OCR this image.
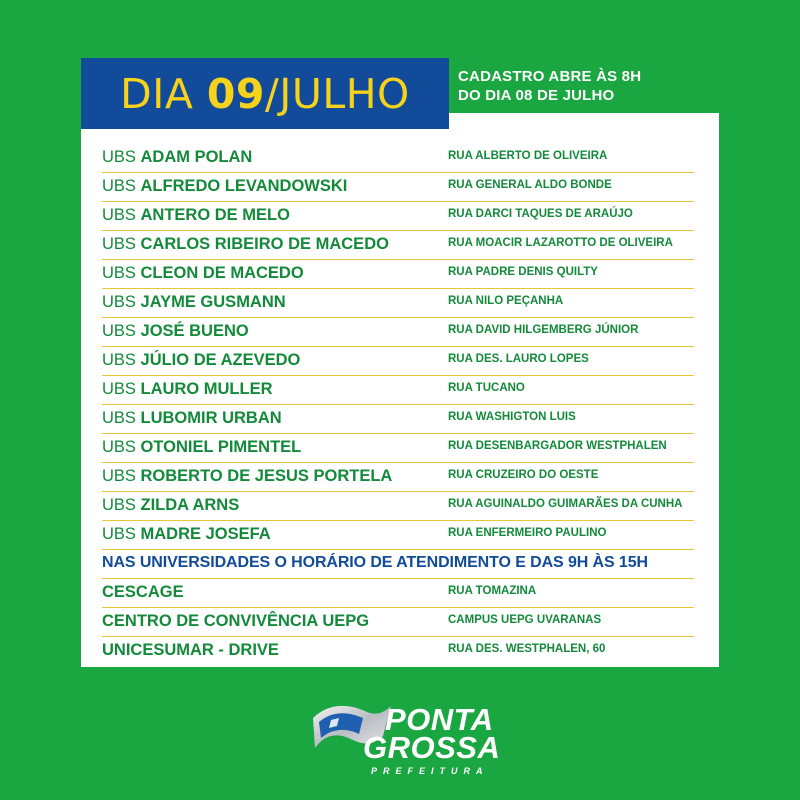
DIA 09 /JULHO	CADASTRO ABRE ÀS 8H
DO DIA 08 DE JULHO
UBS ADAM POLAN	RUA ALBERTO DE OLIVEIRA
UBS ALFREDO LEVANDOWSKI	RUA GENERAL ALDO BONDE
UBS ANTERO DE MELO	RUA DARCI TAQUES DE ARAÚJO
UBS CARLOS RIBEIRO DE MACEDO	RUA MOACIR LAZAROTTO DE OLIVEIRA
UBS CLEON DE MACEDO	RUA PADRE DENIS QUILTY
UBS JAYME GUSMANN	RUA NILO PEÇANHA
UBS JOSÉ BUENO	RUA DAVID HILGEMBERG JÚNIOR
UBS JÚLIO DE AZEVEDO	RUA DES. LAURO LOPES
UBS LAURO MULLER	RUA TUCANO
UBS LUBOMIR URBAN	RUA WASHIGTON LUIS
UBS OTONIEL PIMENTEL	RUA DESENBARGADOR WESTPHALEN
UBS ROBERTO DE JESUS PORTELA	RUA CRUZEIRO DO OESTE
UBS ZILDA ARNS	RUA AGUINALDO GUIMARÃES DA CUNHA
UBS MADRE JOSEFA	RUA ENFERMEIRO PAULINO
NAS UNIVERSIDADES O HORÁRIO DE ATENDIMENTO E DAS 9H ÀS 15H
CESCAGE	RUA TOMAZINA
CENTRO DE CONVIVÊNCIA UEPG	CAMPUS UEPG UVARANAS
UNICESUMAR - DRIVE	RUA DES. WESTPHALEN, 60
PONTA
GROSSA
PREFEITURA
